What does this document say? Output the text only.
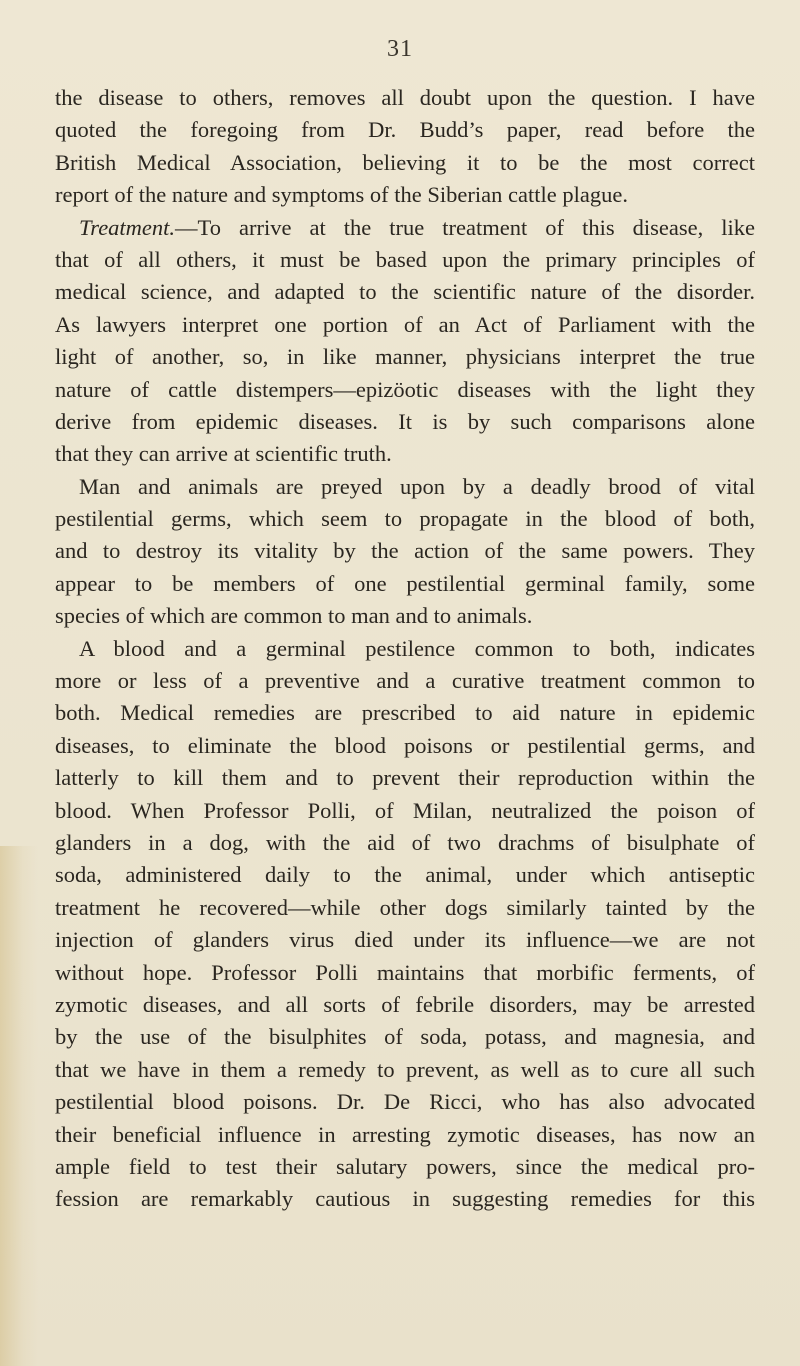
31
the disease to others, removes all doubt upon the question. I have
quoted the foregoing from Dr. Budd’s paper, read before the
British Medical Association, believing it to be the most correct
report of the nature and symptoms of the Siberian cattle plague.
Treatment.—To arrive at the true treatment of this disease, like
that of all others, it must be based upon the primary principles of
medical science, and adapted to the scientific nature of the disorder.
As lawyers interpret one portion of an Act of Parliament with the
light of another, so, in like manner, physicians interpret the true
nature of cattle distempers—epizöotic diseases with the light they
derive from epidemic diseases. It is by such comparisons alone
that they can arrive at scientific truth.
Man and animals are preyed upon by a deadly brood of vital
pestilential germs, which seem to propagate in the blood of both,
and to destroy its vitality by the action of the same powers. They
appear to be members of one pestilential germinal family, some
species of which are common to man and to animals.
A blood and a germinal pestilence common to both, indicates
more or less of a preventive and a curative treatment common to
both. Medical remedies are prescribed to aid nature in epidemic
diseases, to eliminate the blood poisons or pestilential germs, and
latterly to kill them and to prevent their reproduction within the
blood. When Professor Polli, of Milan, neutralized the poison of
glanders in a dog, with the aid of two drachms of bisulphate of
soda, administered daily to the animal, under which antiseptic
treatment he recovered—while other dogs similarly tainted by the
injection of glanders virus died under its influence—we are not
without hope. Professor Polli maintains that morbific ferments, of
zymotic diseases, and all sorts of febrile disorders, may be arrested
by the use of the bisulphites of soda, potass, and magnesia, and
that we have in them a remedy to prevent, as well as to cure all such
pestilential blood poisons. Dr. De Ricci, who has also advocated
their beneficial influence in arresting zymotic diseases, has now an
ample field to test their salutary powers, since the medical pro-
fession are remarkably cautious in suggesting remedies for this
